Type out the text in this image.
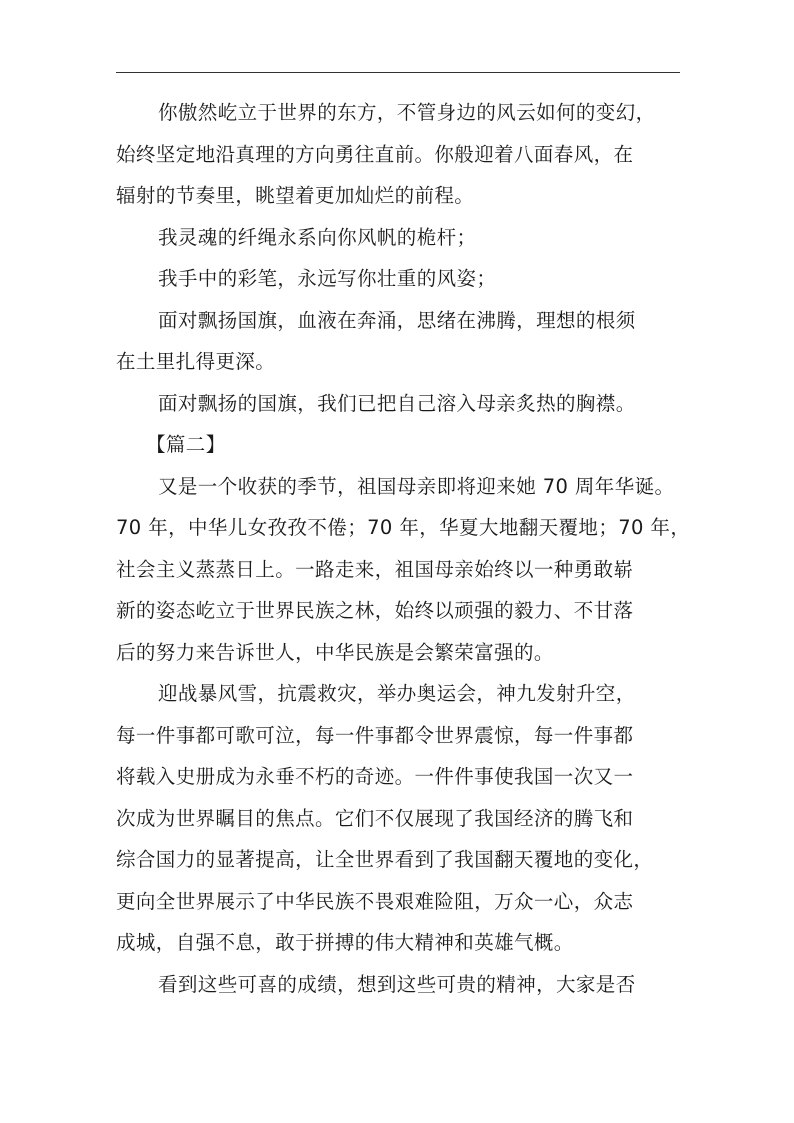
你傲然屹立于世界的东方，不管身边的风云如何的变幻，
始终坚定地沿真理的方向勇往直前。你般迎着八面春风，在
辐射的节奏里，眺望着更加灿烂的前程。
我灵魂的纤绳永系向你风帆的桅杆；
我手中的彩笔，永远写你壮重的风姿；
面对飘扬国旗，血液在奔涌，思绪在沸腾，理想的根须
在土里扎得更深。
面对飘扬的国旗，我们已把自己溶入母亲炙热的胸襟。
【篇二】
又是一个收获的季节，祖国母亲即将迎来她 70 周年华诞。
70 年，中华儿女孜孜不倦；70 年，华夏大地翻天覆地；70 年，
社会主义蒸蒸日上。一路走来，祖国母亲始终以一种勇敢崭
新的姿态屹立于世界民族之林，始终以顽强的毅力、不甘落
后的努力来告诉世人，中华民族是会繁荣富强的。
迎战暴风雪，抗震救灾，举办奥运会，神九发射升空，
每一件事都可歌可泣，每一件事都令世界震惊，每一件事都
将载入史册成为永垂不朽的奇迹。一件件事使我国一次又一
次成为世界瞩目的焦点。它们不仅展现了我国经济的腾飞和
综合国力的显著提高，让全世界看到了我国翻天覆地的变化，
更向全世界展示了中华民族不畏艰难险阻，万众一心，众志
成城，自强不息，敢于拼搏的伟大精神和英雄气概。
看到这些可喜的成绩，想到这些可贵的精神，大家是否
